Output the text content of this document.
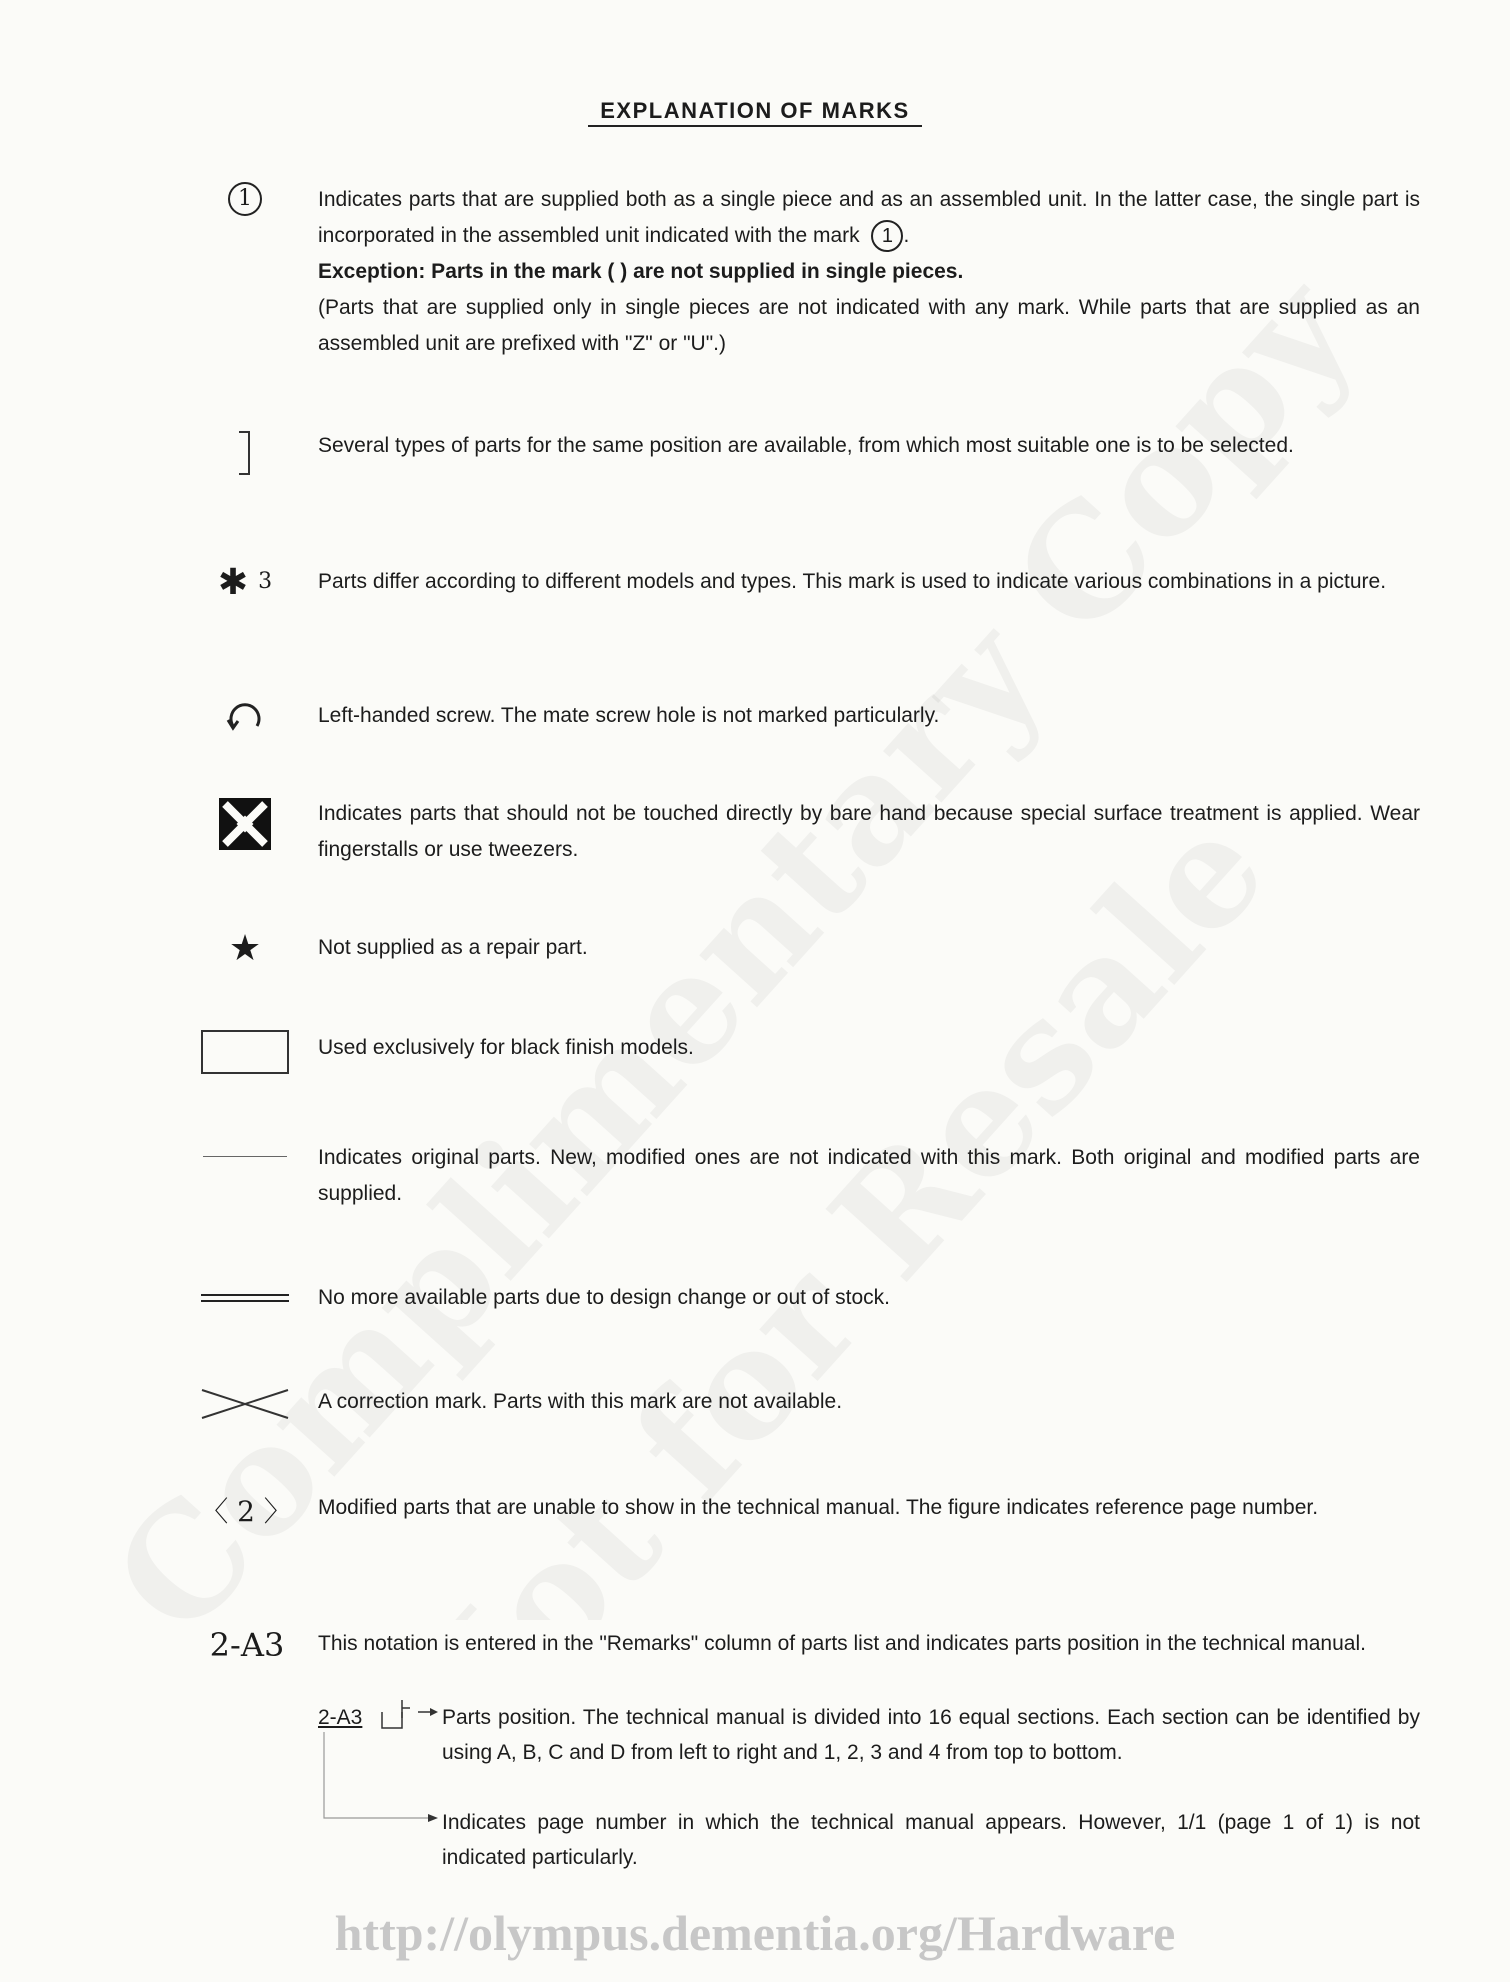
EXPLANATION OF MARKS
1	Indicates parts that are supplied both as a single piece and as an assembled unit. In the latter case, the single part is incorporated in the assembled unit indicated with the mark 1 .

Exception: Parts in the mark ( ) are not supplied in single pieces.

(Parts that are supplied only in single pieces are not indicated with any mark. While parts that are supplied as an assembled unit are prefixed with "Z" or "U".)

Several types of parts for the same position are available, from which most suitable one is to be selected.
✱ 3 Parts differ according to different models and types. This mark is used to indicate various combinations in a picture.
Left-handed screw. The mate screw hole is not marked particularly.
Indicates parts that should not be touched directly by bare hand because special surface treatment is applied. Wear fingerstalls or use tweezers.
★	Not supplied as a repair part.
Used exclusively for black finish models.
Indicates original parts. New, modified ones are not indicated with this mark. Both original and modified parts are supplied.
No more available parts due to design change or out of stock.
A correction mark. Parts with this mark are not available.
〈 2 〉 Modified parts that are unable to show in the technical manual. The figure indicates reference page number.
2-A3 This notation is entered in the "Remarks" column of parts list and indicates parts position in the technical manual.
2-A3	Parts position. The technical manual is divided into 16 equal sections. Each section can be identified by using A, B, C and D from left to right and 1, 2, 3 and 4 from top to bottom.
Indicates page number in which the technical manual appears. However, 1/1 (page 1 of 1) is not indicated particularly.
http://olympus.dementia.org/Hardware
